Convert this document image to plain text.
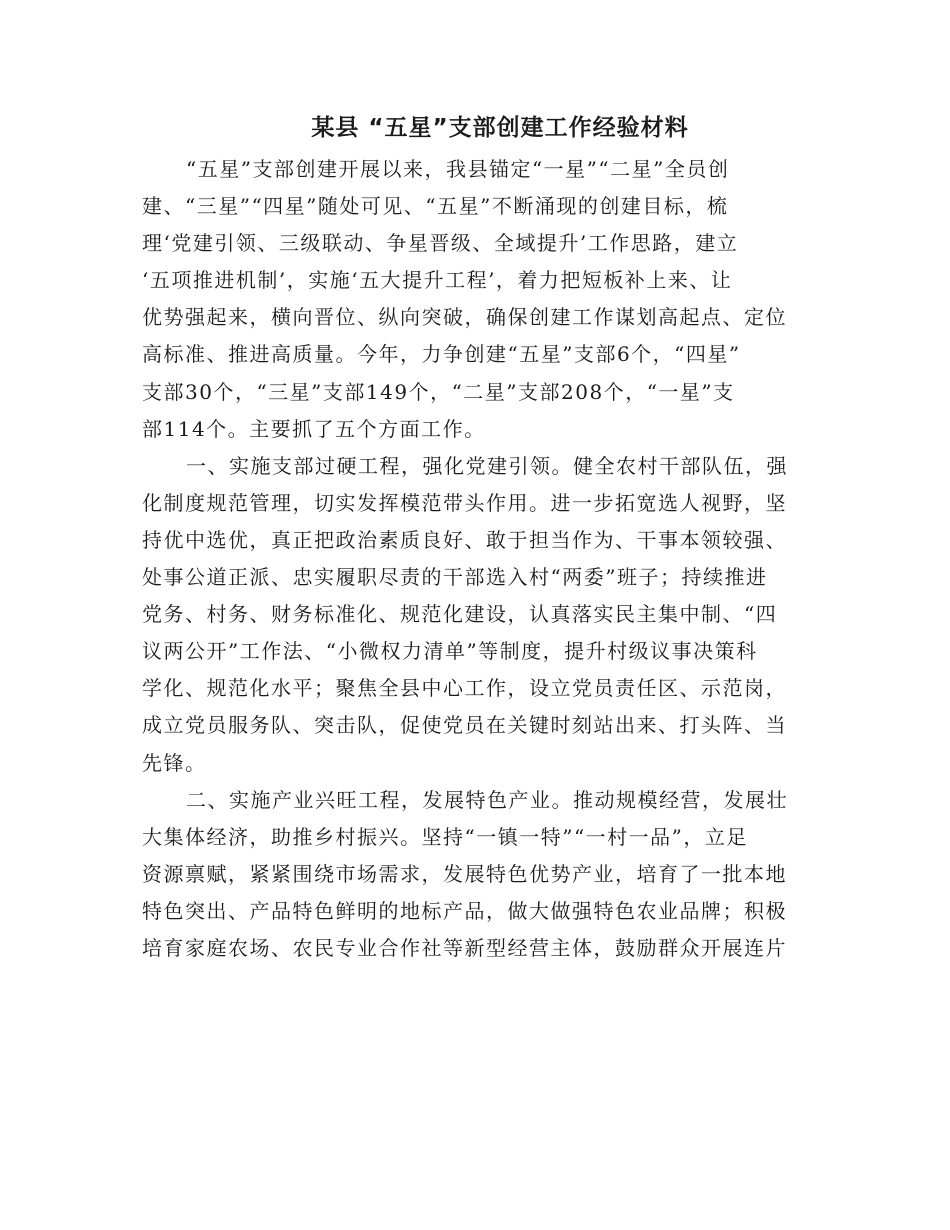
某县 “五星”支部创建工作经验材料
“五星”支部创建开展以来，我县锚定“一星”“二星”全员创
建、“三星”“四星”随处可见、“五星”不断涌现的创建目标，梳
理‘党建引领、三级联动、争星晋级、全域提升’工作思路，建立
‘五项推进机制’，实施‘五大提升工程’，着力把短板补上来、让
优势强起来，横向晋位、纵向突破，确保创建工作谋划高起点、定位
高标准、推进高质量。今年，力争创建“五星”支部6个，“四星”
支部30个，“三星”支部149个，“二星”支部208个，“一星”支
部114个。主要抓了五个方面工作。
一、实施支部过硬工程，强化党建引领。健全农村干部队伍，强
化制度规范管理，切实发挥模范带头作用。进一步拓宽选人视野，坚
持优中选优，真正把政治素质良好、敢于担当作为、干事本领较强、
处事公道正派、忠实履职尽责的干部选入村“两委”班子；持续推进
党务、村务、财务标准化、规范化建设，认真落实民主集中制、“四
议两公开”工作法、“小微权力清单”等制度，提升村级议事决策科
学化、规范化水平；聚焦全县中心工作，设立党员责任区、示范岗，
成立党员服务队、突击队，促使党员在关键时刻站出来、打头阵、当
先锋。
二、实施产业兴旺工程，发展特色产业。推动规模经营，发展壮
大集体经济，助推乡村振兴。坚持“一镇一特”“一村一品”，立足
资源禀赋，紧紧围绕市场需求，发展特色优势产业，培育了一批本地
特色突出、产品特色鲜明的地标产品，做大做强特色农业品牌；积极
培育家庭农场、农民专业合作社等新型经营主体，鼓励群众开展连片
